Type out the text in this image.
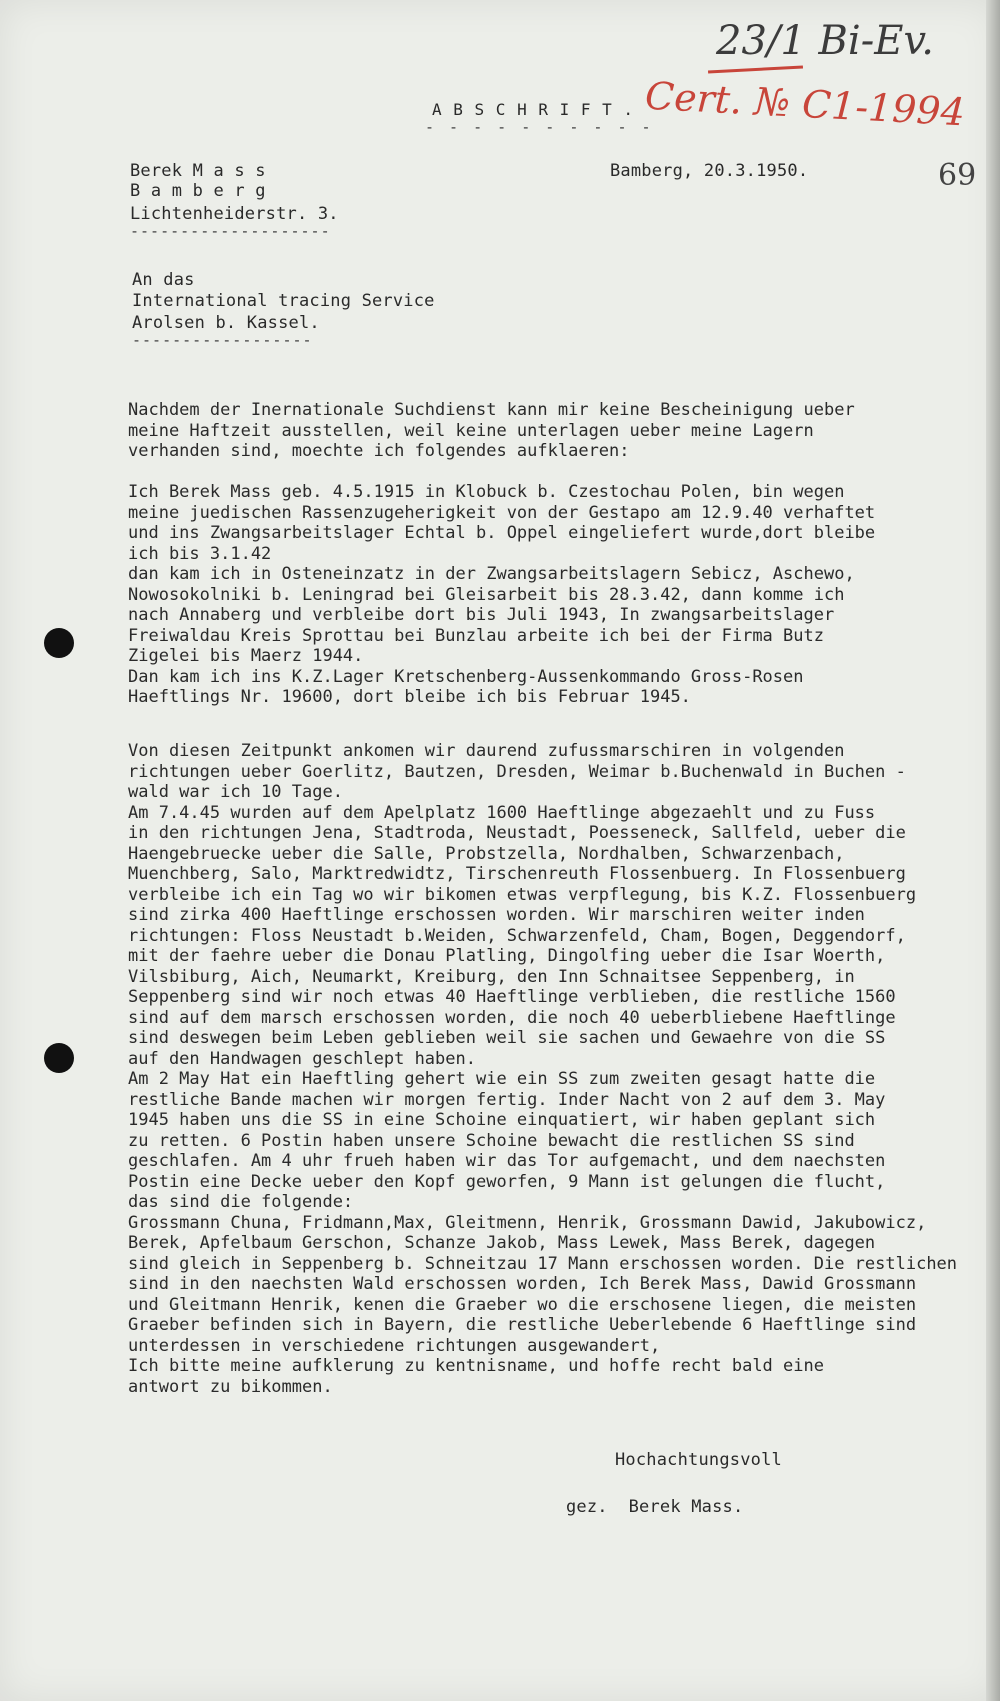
23/1 Bi-Ev.
Cert. № C1-1994
69
A B S C H R I F T .
- - - - - - - - - -
Berek M a s s
B a m b e r g
Lichtenheiderstr. 3.
--------------------
Bamberg, 20.3.1950.
An das
International tracing Service
Arolsen b. Kassel.
------------------
Nachdem der Inernationale Suchdienst kann mir keine Bescheinigung ueber
meine Haftzeit ausstellen, weil keine unterlagen ueber meine Lagern
verhanden sind, moechte ich folgendes aufklaeren:
Ich Berek Mass geb. 4.5.1915 in Klobuck b. Czestochau Polen, bin wegen
meine juedischen Rassenzugeherigkeit von der Gestapo am 12.9.40 verhaftet
und ins Zwangsarbeitslager Echtal b. Oppel eingeliefert wurde,dort bleibe
ich bis 3.1.42
dan kam ich in Osteneinzatz in der Zwangsarbeitslagern Sebicz, Aschewo,
Nowosokolniki b. Leningrad bei Gleisarbeit bis 28.3.42, dann komme ich
nach Annaberg und verbleibe dort bis Juli 1943, In zwangsarbeitslager
Freiwaldau Kreis Sprottau bei Bunzlau arbeite ich bei der Firma Butz
Zigelei bis Maerz 1944.
Dan kam ich ins K.Z.Lager Kretschenberg-Aussenkommando Gross-Rosen
Haeftlings Nr. 19600, dort bleibe ich bis Februar 1945.
Von diesen Zeitpunkt ankomen wir daurend zufussmarschiren in volgenden
richtungen ueber Goerlitz, Bautzen, Dresden, Weimar b.Buchenwald in Buchen -
wald war ich 10 Tage.
Am 7.4.45 wurden auf dem Apelplatz 1600 Haeftlinge abgezaehlt und zu Fuss
in den richtungen Jena, Stadtroda, Neustadt, Poesseneck, Sallfeld, ueber die
Haengebruecke ueber die Salle, Probstzella, Nordhalben, Schwarzenbach,
Muenchberg, Salo, Marktredwidtz, Tirschenreuth Flossenbuerg. In Flossenbuerg
verbleibe ich ein Tag wo wir bikomen etwas verpflegung, bis K.Z. Flossenbuerg
sind zirka 400 Haeftlinge erschossen worden. Wir marschiren weiter inden
richtungen: Floss Neustadt b.Weiden, Schwarzenfeld, Cham, Bogen, Deggendorf,
mit der faehre ueber die Donau Platling, Dingolfing ueber die Isar Woerth,
Vilsbiburg, Aich, Neumarkt, Kreiburg, den Inn Schnaitsee Seppenberg, in
Seppenberg sind wir noch etwas 40 Haeftlinge verblieben, die restliche 1560
sind auf dem marsch erschossen worden, die noch 40 ueberbliebene Haeftlinge
sind deswegen beim Leben geblieben weil sie sachen und Gewaehre von die SS
auf den Handwagen geschlept haben.
Am 2 May Hat ein Haeftling gehert wie ein SS zum zweiten gesagt hatte die
restliche Bande machen wir morgen fertig. Inder Nacht von 2 auf dem 3. May
1945 haben uns die SS in eine Schoine einquatiert, wir haben geplant sich
zu retten. 6 Postin haben unsere Schoine bewacht die restlichen SS sind
geschlafen. Am 4 uhr frueh haben wir das Tor aufgemacht, und dem naechsten
Postin eine Decke ueber den Kopf geworfen, 9 Mann ist gelungen die flucht,
das sind die folgende:
Grossmann Chuna, Fridmann,Max, Gleitmenn, Henrik, Grossmann Dawid, Jakubowicz,
Berek, Apfelbaum Gerschon, Schanze Jakob, Mass Lewek, Mass Berek, dagegen
sind gleich in Seppenberg b. Schneitzau 17 Mann erschossen worden. Die restlichen
sind in den naechsten Wald erschossen worden, Ich Berek Mass, Dawid Grossmann
und Gleitmann Henrik, kenen die Graeber wo die erschosene liegen, die meisten
Graeber befinden sich in Bayern, die restliche Ueberlebende 6 Haeftlinge sind
unterdessen in verschiedene richtungen ausgewandert,
Ich bitte meine aufklerung zu kentnisname, und hoffe recht bald eine
antwort zu bikommen.
Hochachtungsvoll
gez.  Berek Mass.
